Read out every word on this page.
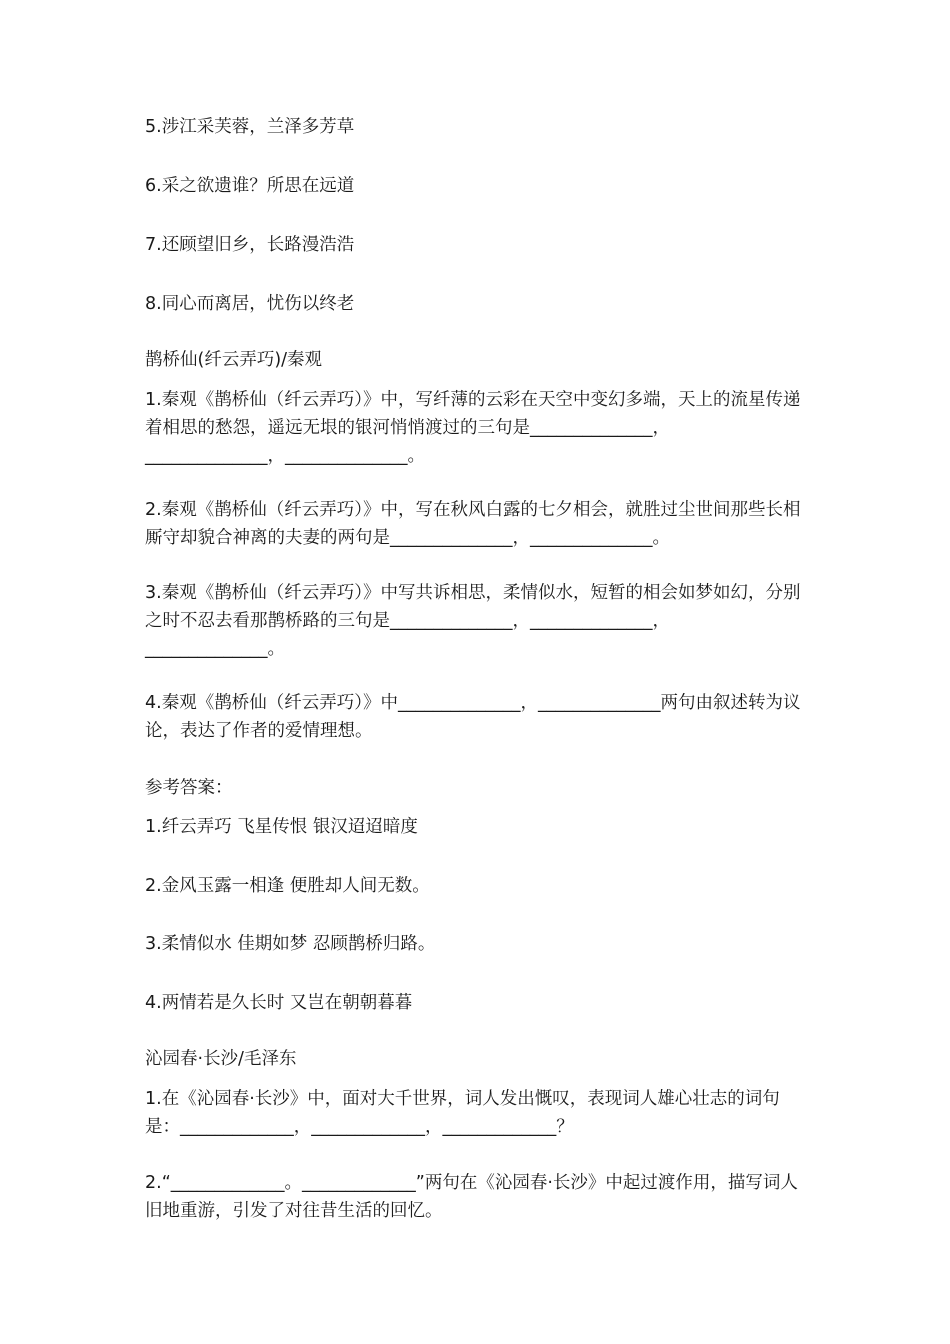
5.涉江采芙蓉，兰泽多芳草

6.采之欲遗谁？所思在远道

7.还顾望旧乡，长路漫浩浩

8.同心而离居，忧伤以终老

鹊桥仙(纤云弄巧)/秦观

1.秦观《鹊桥仙（纤云弄巧）》中，写纤薄的云彩在天空中变幻多端，天上的流星传递着相思的愁怨，遥远无垠的银河悄悄渡过的三句是______________，______________，______________。

2.秦观《鹊桥仙（纤云弄巧）》中，写在秋风白露的七夕相会，就胜过尘世间那些长相厮守却貌合神离的夫妻的两句是______________，______________。

3.秦观《鹊桥仙（纤云弄巧）》中写共诉相思，柔情似水，短暂的相会如梦如幻，分别之时不忍去看那鹊桥路的三句是______________，______________，______________。

4.秦观《鹊桥仙（纤云弄巧）》中______________，______________两句由叙述转为议论，表达了作者的爱情理想。

参考答案：

1.纤云弄巧 飞星传恨 银汉迢迢暗度

2.金风玉露一相逢 便胜却人间无数。

3.柔情似水 佳期如梦 忍顾鹊桥归路。

4.两情若是久长时 又岂在朝朝暮暮

沁园春·长沙/毛泽东

1.在《沁园春·长沙》中，面对大千世界，词人发出慨叹，表现词人雄心壮志的词句是：_____________，_____________，_____________？

2.“_____________。_____________”两句在《沁园春·长沙》中起过渡作用，描写词人旧地重游，引发了对往昔生活的回忆。
